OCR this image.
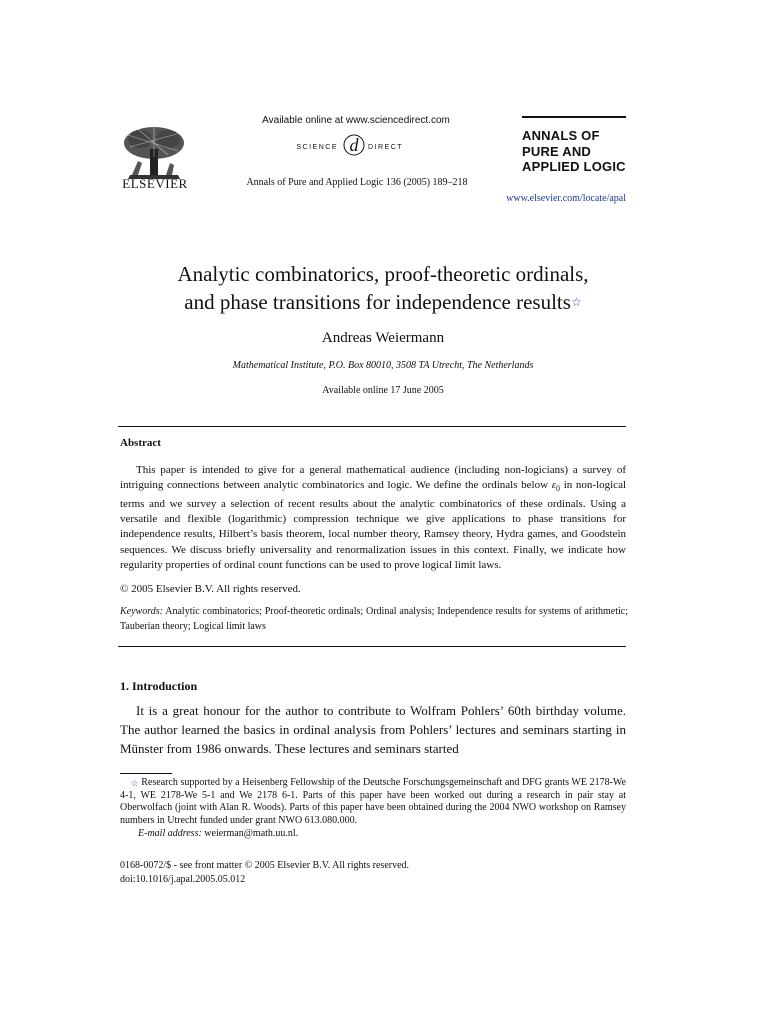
ELSEVIER
Available online at www.sciencedirect.com
SCIENCE d DIRECT
Annals of Pure and Applied Logic 136 (2005) 189–218
ANNALS OF
PURE AND
APPLIED LOGIC
www.elsevier.com/locate/apal
Analytic combinatorics, proof-theoretic ordinals,
and phase transitions for independence results☆
Andreas Weiermann
Mathematical Institute, P.O. Box 80010, 3508 TA Utrecht, The Netherlands
Available online 17 June 2005
Abstract
This paper is intended to give for a general mathematical audience (including non-logicians) a survey of intriguing connections between analytic combinatorics and logic. We define the ordinals below $\varepsilon_0$ in non-logical terms and we survey a selection of recent results about the analytic combinatorics of these ordinals. Using a versatile and flexible (logarithmic) compression technique we give applications to phase transitions for independence results, Hilbert’s basis theorem, local number theory, Ramsey theory, Hydra games, and Goodstein sequences. We discuss briefly universality and renormalization issues in this context. Finally, we indicate how regularity properties of ordinal count functions can be used to prove logical limit laws.
© 2005 Elsevier B.V. All rights reserved.
Keywords: Analytic combinatorics; Proof-theoretic ordinals; Ordinal analysis; Independence results for systems of arithmetic; Tauberian theory; Logical limit laws
1. Introduction
It is a great honour for the author to contribute to Wolfram Pohlers’ 60th birthday volume. The author learned the basics in ordinal analysis from Pohlers’ lectures and seminars starting in Münster from 1986 onwards. These lectures and seminars started
☆ Research supported by a Heisenberg Fellowship of the Deutsche Forschungsgemeinschaft and DFG grants WE 2178-We 4-1, WE 2178-We 5-1 and We 2178 6-1. Parts of this paper have been worked out during a research in pair stay at Oberwolfach (joint with Alan R. Woods). Parts of this paper have been obtained during the 2004 NWO workshop on Ramsey numbers in Utrecht funded under grant NWO 613.080.000.
E-mail address: weierman@math.uu.nl.
0168-0072/$ - see front matter © 2005 Elsevier B.V. All rights reserved.
doi:10.1016/j.apal.2005.05.012
